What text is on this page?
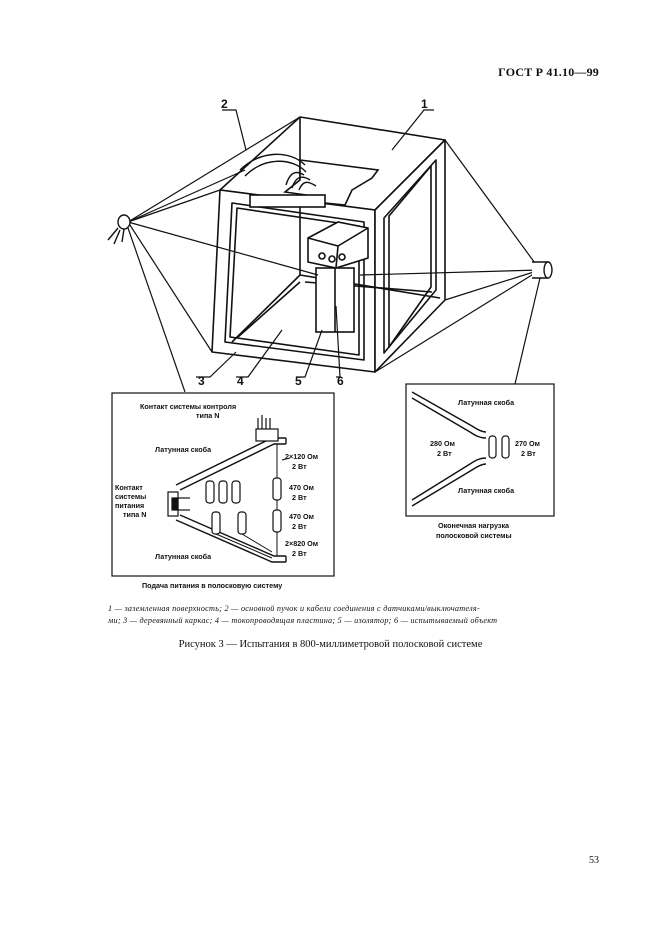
ГОСТ Р 41.10—99
2	1
3	4	5	6
Контакт системы контроля
типа N
Латунная скоба
Контакт
системы
питания
типа N
2×120 Ом
2 Вт
470 Ом
2 Вт
470 Ом
2 Вт
2×820 Ом
2 Вт
Латунная скоба
Подача питания в полосковую систему
Латунная скоба
280 Ом
2 Вт
270 Ом
2 Вт
Латунная скоба
Оконечная нагрузка
полосковой системы
1 — заземленная поверхность; 2 — основной пучок и кабели соединения с датчиками/выключателя-
ми; 3 — деревянный каркас; 4 — токопроводящая пластина; 5 — изолятор; 6 — испытываемый объект
Рисунок 3 — Испытания в 800-миллиметровой полосковой системе
53
